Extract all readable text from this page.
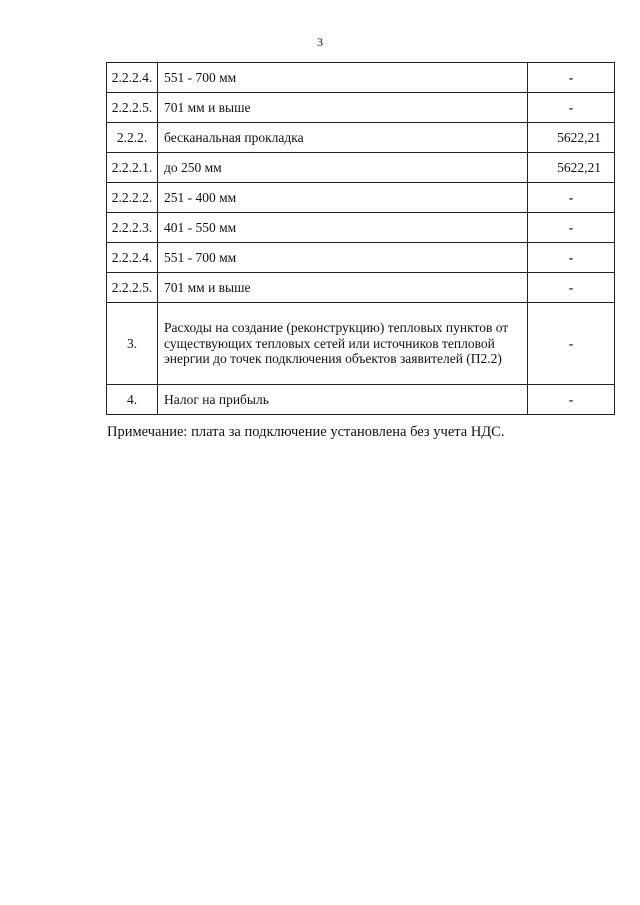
3
2.2.2.4.	551 - 700 мм	-
2.2.2.5.	701 мм и выше	-
2.2.2.	бесканальная прокладка	5622,21
2.2.2.1.	до 250 мм	5622,21
2.2.2.2.	251 - 400 мм	-
2.2.2.3.	401 - 550 мм	-
2.2.2.4.	551 - 700 мм	-
2.2.2.5.	701 мм и выше	-
3.	Расходы на создание (реконструкцию) тепловых пунктов от существующих тепловых сетей или источников тепловой энергии до точек подключения объектов заявителей (П2.2)	-
4.	Налог на прибыль	-
Примечание: плата за подключение установлена без учета НДС.
